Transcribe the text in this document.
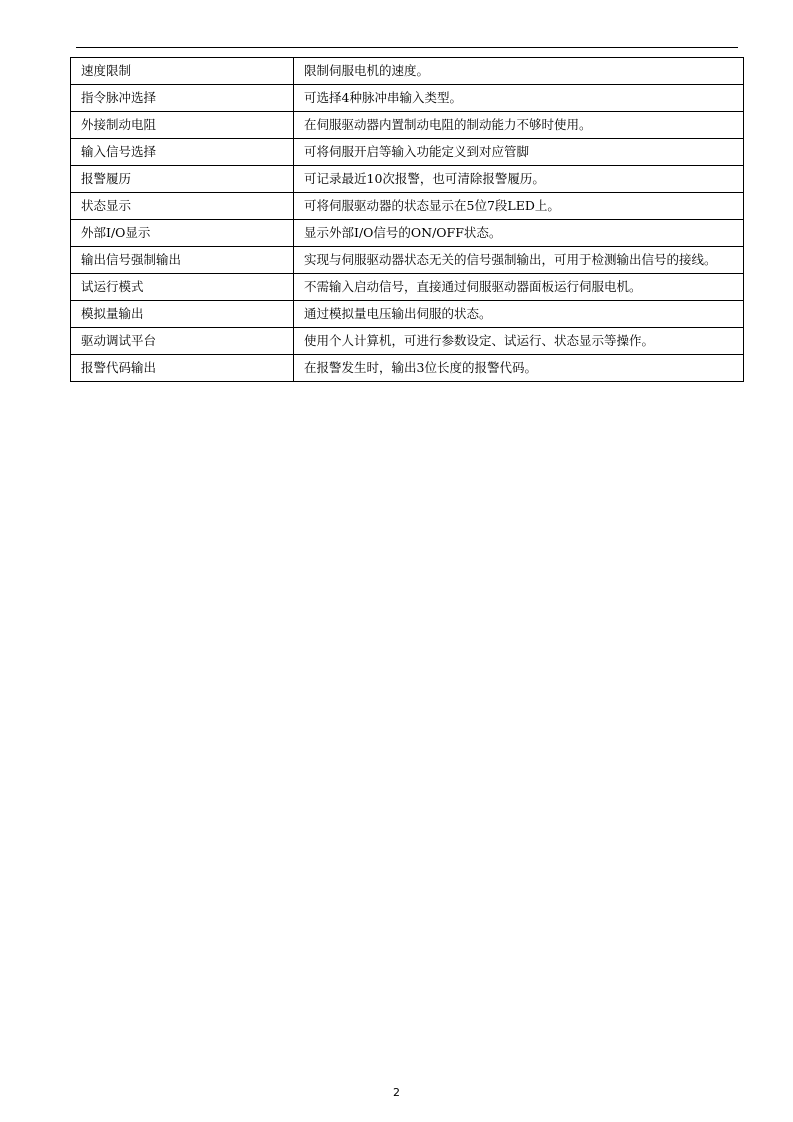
速度限制	限制伺服电机的速度。
指令脉冲选择	可选择4种脉冲串输入类型。
外接制动电阻	在伺服驱动器内置制动电阻的制动能力不够时使用。
输入信号选择	可将伺服开启等输入功能定义到对应管脚
报警履历	可记录最近10次报警，也可清除报警履历。
状态显示	可将伺服驱动器的状态显示在5位7段LED上。
外部I/O显示	显示外部I/O信号的ON/OFF状态。
输出信号强制输出	实现与伺服驱动器状态无关的信号强制输出，可用于检测输出信号的接线。
试运行模式	不需输入启动信号，直接通过伺服驱动器面板运行伺服电机。
模拟量输出	通过模拟量电压输出伺服的状态。
驱动调试平台	使用个人计算机，可进行参数设定、试运行、状态显示等操作。
报警代码输出	在报警发生时，输出3位长度的报警代码。
2
